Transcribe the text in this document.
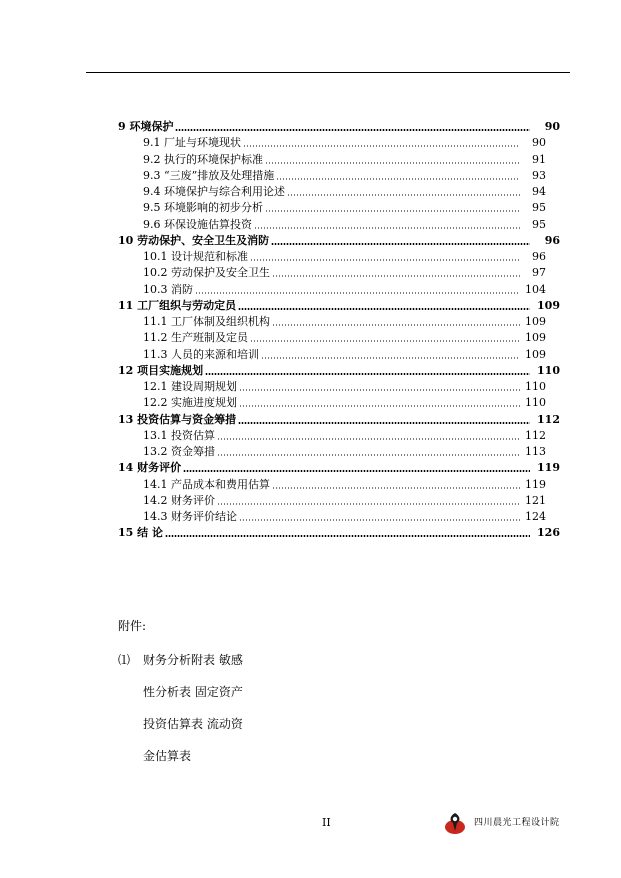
9 环境保护	90
9.1 厂址与环境现状	90
9.2 执行的环境保护标准	91
9.3 “三废”排放及处理措施	93
9.4 环境保护与综合利用论述	94
9.5 环境影响的初步分析	95
9.6 环保设施估算投资	95
10 劳动保护、安全卫生及消防	96
10.1 设计规范和标准	96
10.2 劳动保护及安全卫生	97
10.3 消防	104
11 工厂组织与劳动定员	109
11.1 工厂体制及组织机构	109
11.2 生产班制及定员	109
11.3 人员的来源和培训	109
12 项目实施规划	110
12.1 建设周期规划	110
12.2 实施进度规划	110
13 投资估算与资金筹措	112
13.1 投资估算	112
13.2 资金筹措	113
14 财务评价	119
14.1 产品成本和费用估算	119
14.2 财务评价	121
14.3 财务评价结论	124
15 结 论	126
附件:
⑴ 财务分析附表 敏感
性分析表 固定资产
投资估算表 流动资
金估算表
II	四川晨光工程设计院
